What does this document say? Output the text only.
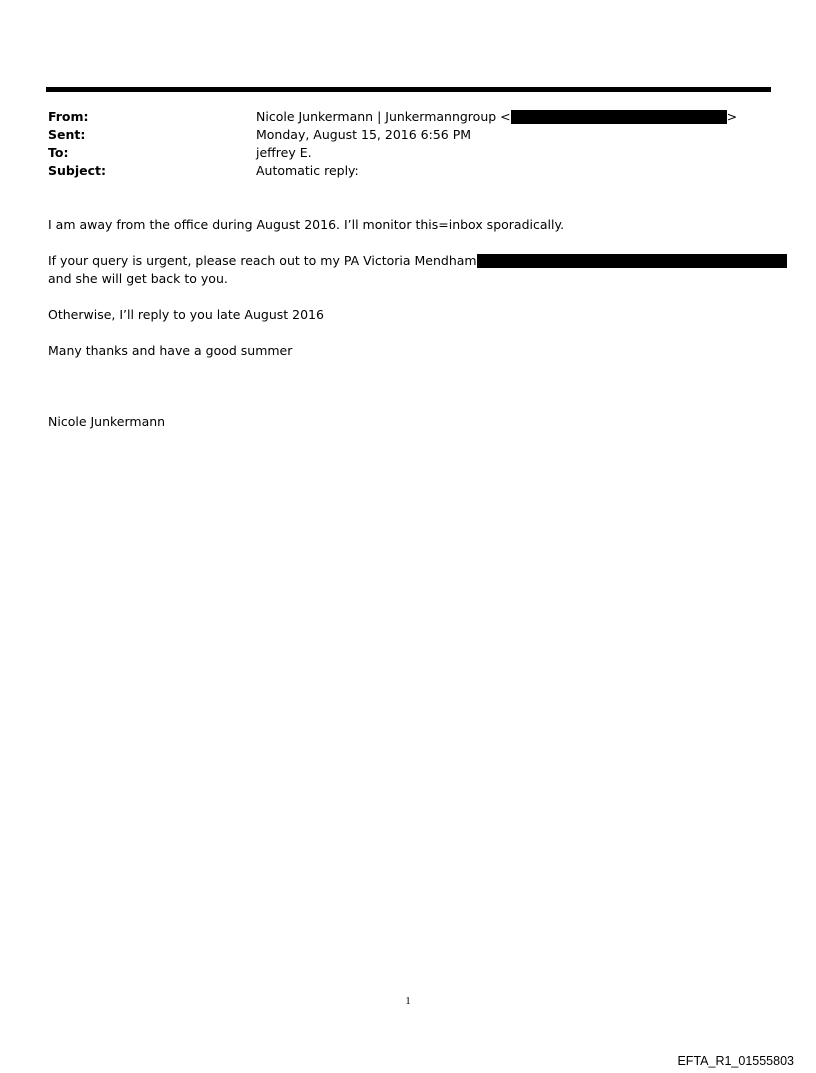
From:	Nicole Junkermann | Junkermanngroup <	>
Sent:	Monday, August 15, 2016 6:56 PM
To:	jeffrey E.
Subject:	Automatic reply:
I am away from the office during August 2016. I’ll monitor this=inbox sporadically.
If your query is urgent, please reach out to my PA Victoria Mendham
and she will get back to you.
Otherwise, I’ll reply to you late August 2016
Many thanks and have a good summer
Nicole Junkermann
1
EFTA_R1_01555803
